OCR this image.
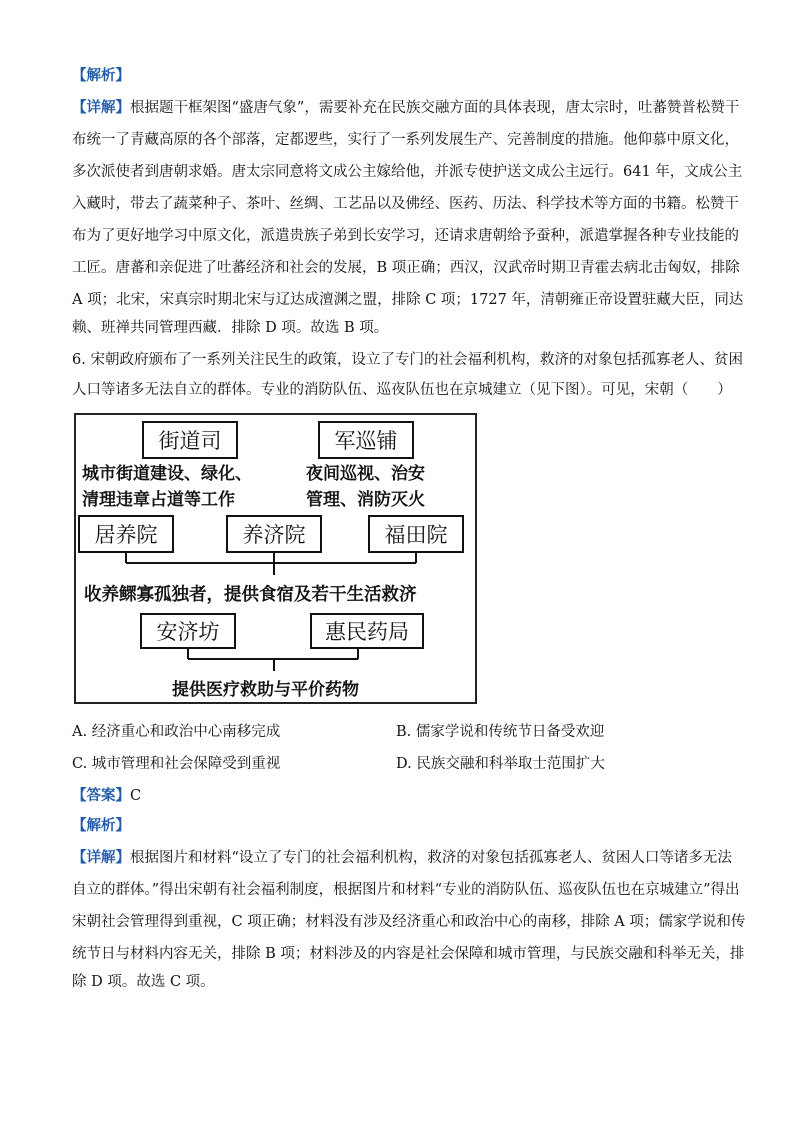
【解析】
【详解】根据题干框架图“盛唐气象”，需要补充在民族交融方面的具体表现，唐太宗时，吐蕃赞普松赞干
布统一了青藏高原的各个部落，定都逻些，实行了一系列发展生产、完善制度的措施。他仰慕中原文化，
多次派使者到唐朝求婚。唐太宗同意将文成公主嫁给他，并派专使护送文成公主远行。641 年，文成公主
入藏时，带去了蔬菜种子、茶叶、丝绸、工艺品以及佛经、医药、历法、科学技术等方面的书籍。松赞干
布为了更好地学习中原文化，派遣贵族子弟到长安学习，还请求唐朝给予蚕种，派遣掌握各种专业技能的
工匠。唐蕃和亲促进了吐蕃经济和社会的发展，B 项正确；西汉，汉武帝时期卫青霍去病北击匈奴，排除
A 项；北宋，宋真宗时期北宋与辽达成澶渊之盟，排除 C 项；1727 年，清朝雍正帝设置驻藏大臣，同达
赖、班禅共同管理西藏．排除 D 项。故选 B 项。
6. 宋朝政府颁布了一系列关注民生的政策，设立了专门的社会福利机构，救济的对象包括孤寡老人、贫困
人口等诸多无法自立的群体。专业的消防队伍、巡夜队伍也在京城建立（见下图）。可见，宋朝（　　）
街道司	军巡铺
城市街道建设、绿化、
清理违章占道等工作
夜间巡视、治安
管理、消防灭火
居养院	养济院	福田院
收养鳏寡孤独者，提供食宿及若干生活救济
安济坊	惠民药局
提供医疗救助与平价药物
A. 经济重心和政治中心南移完成	B. 儒家学说和传统节日备受欢迎
C. 城市管理和社会保障受到重视	D. 民族交融和科举取士范围扩大
【答案】C
【解析】
【详解】根据图片和材料“设立了专门的社会福利机构，救济的对象包括孤寡老人、贫困人口等诸多无法
自立的群体。”得出宋朝有社会福利制度，根据图片和材料“专业的消防队伍、巡夜队伍也在京城建立”得出
宋朝社会管理得到重视，C 项正确；材料没有涉及经济重心和政治中心的南移，排除 A 项；儒家学说和传
统节日与材料内容无关，排除 B 项；材料涉及的内容是社会保障和城市管理，与民族交融和科举无关，排
除 D 项。故选 C 项。
